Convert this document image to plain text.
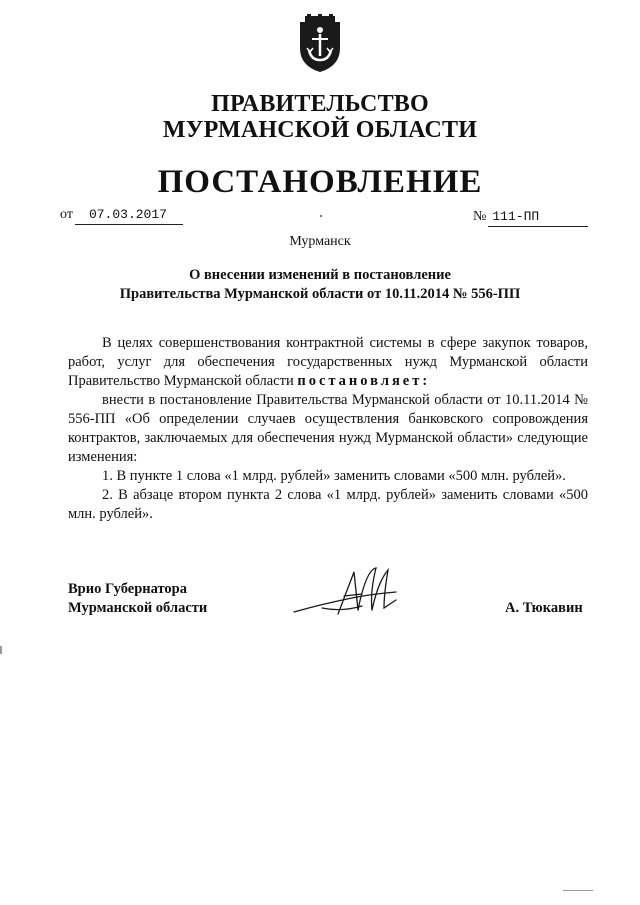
ПРАВИТЕЛЬСТВО
МУРМАНСКОЙ ОБЛАСТИ
ПОСТАНОВЛЕНИЕ
от 07.03.2017	№ 111-ПП
Мурманск
О внесении изменений в постановление
Правительства Мурманской области от 10.11.2014 № 556-ПП

В целях совершенствования контрактной системы в сфере закупок товаров, работ, услуг для обеспечения государственных нужд Мурманской области Правительство Мурманской области постановляет:

внести в постановление Правительства Мурманской области от 10.11.2014 № 556-ПП «Об определении случаев осуществления банковского сопровождения контрактов, заключаемых для обеспечения нужд Мурманской области» следующие изменения:

1. В пункте 1 слова «1 млрд. рублей» заменить словами «500 млн. рублей».

2. В абзаце втором пункта 2 слова «1 млрд. рублей» заменить словами «500 млн. рублей».

Врио Губернатора
Мурманской области	А. Тюкавин
